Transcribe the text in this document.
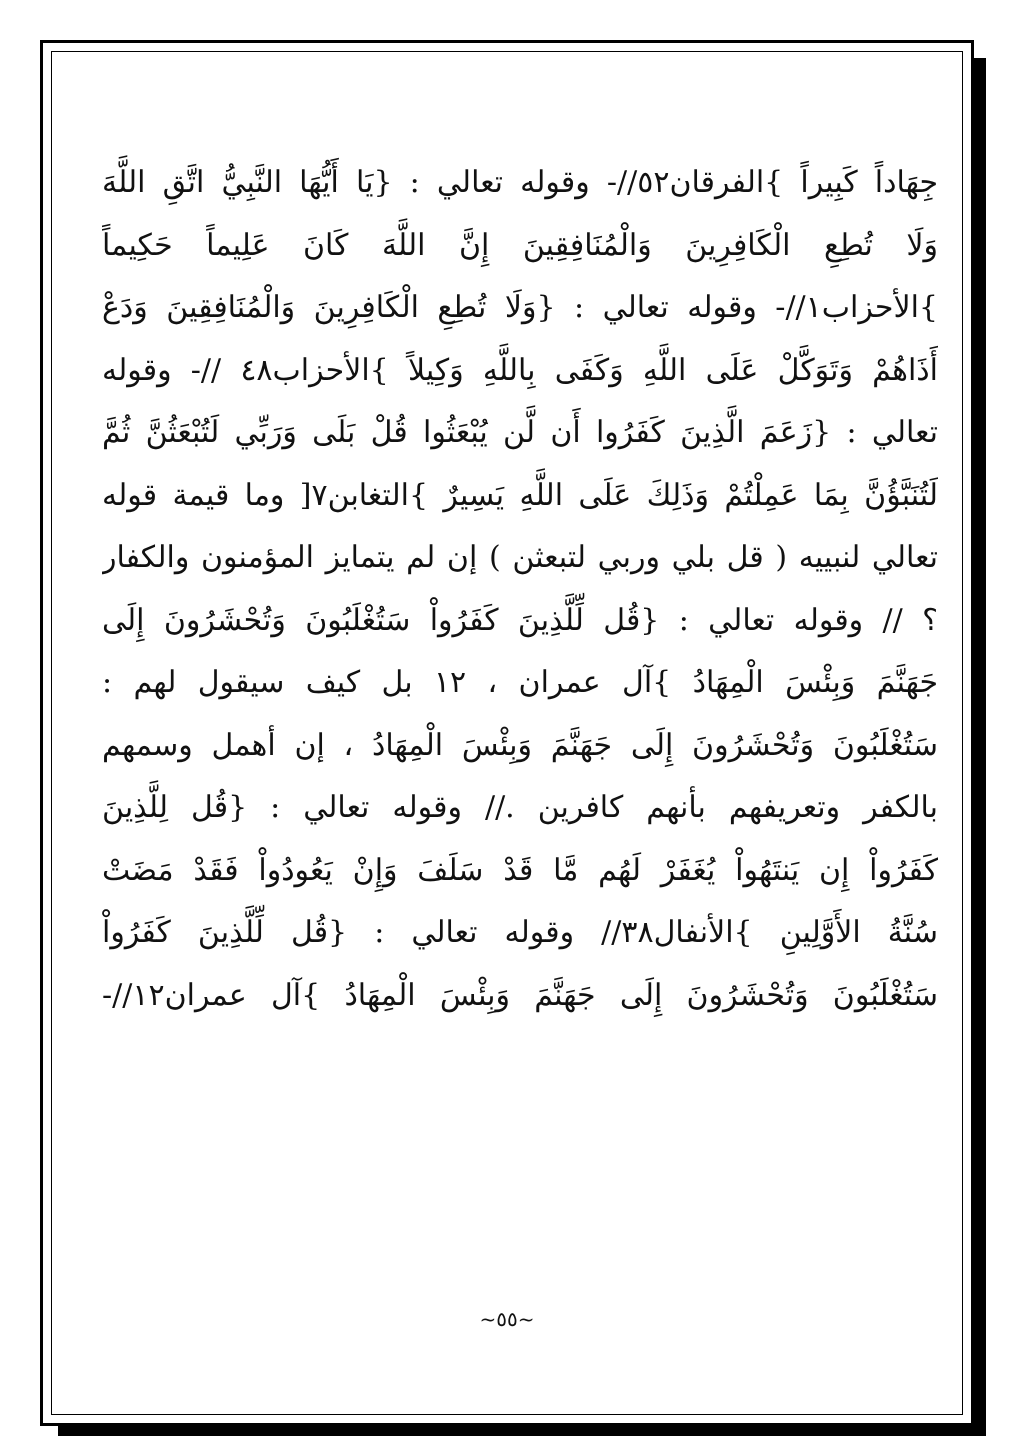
جِهَاداً كَبِيراً }الفرقان٥٢//- وقوله تعالي : {يَا أَيُّهَا النَّبِيُّ اتَّقِ اللَّهَ
وَلَا تُطِعِ الْكَافِرِينَ وَالْمُنَافِقِينَ إِنَّ اللَّهَ كَانَ عَلِيماً حَكِيماً
}الأحزاب١//- وقوله تعالي : {وَلَا تُطِعِ الْكَافِرِينَ وَالْمُنَافِقِينَ وَدَعْ
أَذَاهُمْ وَتَوَكَّلْ عَلَى اللَّهِ وَكَفَى بِاللَّهِ وَكِيلاً }الأحزاب٤٨ //- وقوله
تعالي : {زَعَمَ الَّذِينَ كَفَرُوا أَن لَّن يُبْعَثُوا قُلْ بَلَى وَرَبِّي لَتُبْعَثُنَّ ثُمَّ
لَتُنَبَّؤُنَّ بِمَا عَمِلْتُمْ وَذَلِكَ عَلَى اللَّهِ يَسِيرٌ }التغابن٧[ وما قيمة قوله
تعالي لنبييه ( قل بلي وربي لتبعثن ) إن لم يتمايز المؤمنون والكفار
؟ // وقوله تعالي : {قُل لِّلَّذِينَ كَفَرُواْ سَتُغْلَبُونَ وَتُحْشَرُونَ إِلَى
جَهَنَّمَ وَبِئْسَ الْمِهَادُ }آل عمران ، ١٢ بل كيف سيقول لهم :
سَتُغْلَبُونَ وَتُحْشَرُونَ إِلَى جَهَنَّمَ وَبِئْسَ الْمِهَادُ ، إن أهمل وسمهم
بالكفر وتعريفهم بأنهم كافرين .// وقوله تعالي : {قُل لِلَّذِينَ
كَفَرُواْ إِن يَنتَهُواْ يُغَفَرْ لَهُم مَّا قَدْ سَلَفَ وَإِنْ يَعُودُواْ فَقَدْ مَضَتْ
سُنَّةُ الأَوَّلِينِ }الأنفال٣٨// وقوله تعالي : {قُل لِّلَّذِينَ كَفَرُواْ
سَتُغْلَبُونَ وَتُحْشَرُونَ إِلَى جَهَنَّمَ وَبِئْسَ الْمِهَادُ }آل عمران١٢//-
~٥٥~
